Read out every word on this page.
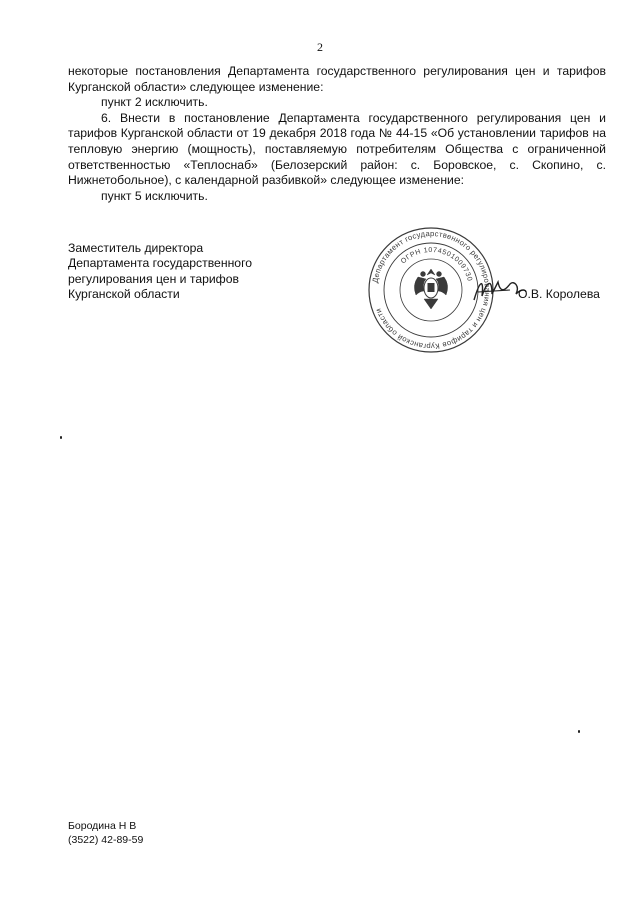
2

некоторые постановления Департамента государственного регулирования цен и тарифов Курганской области» следующее изменение:

пункт 2 исключить.

6. Внести в постановление Департамента государственного регулирования цен и тарифов Курганской области от 19 декабря 2018 года № 44-15 «Об установлении тарифов на тепловую энергию (мощность), поставляемую потребителям Общества с ограниченной ответственностью «Теплоснаб» (Белозерский район: с. Боровское, с. Скопино, с. Нижнетобольное), с календарной разбивкой» следующее изменение:

пункт 5 исключить.

Заместитель директора
Департамента государственного
регулирования цен и тарифов
Курганской области
Департамент государственного регулирования цен и тарифов Курганской области
ОГРН 1074501009730
О.В. Королева
Бородина Н В
(3522) 42-89-59
